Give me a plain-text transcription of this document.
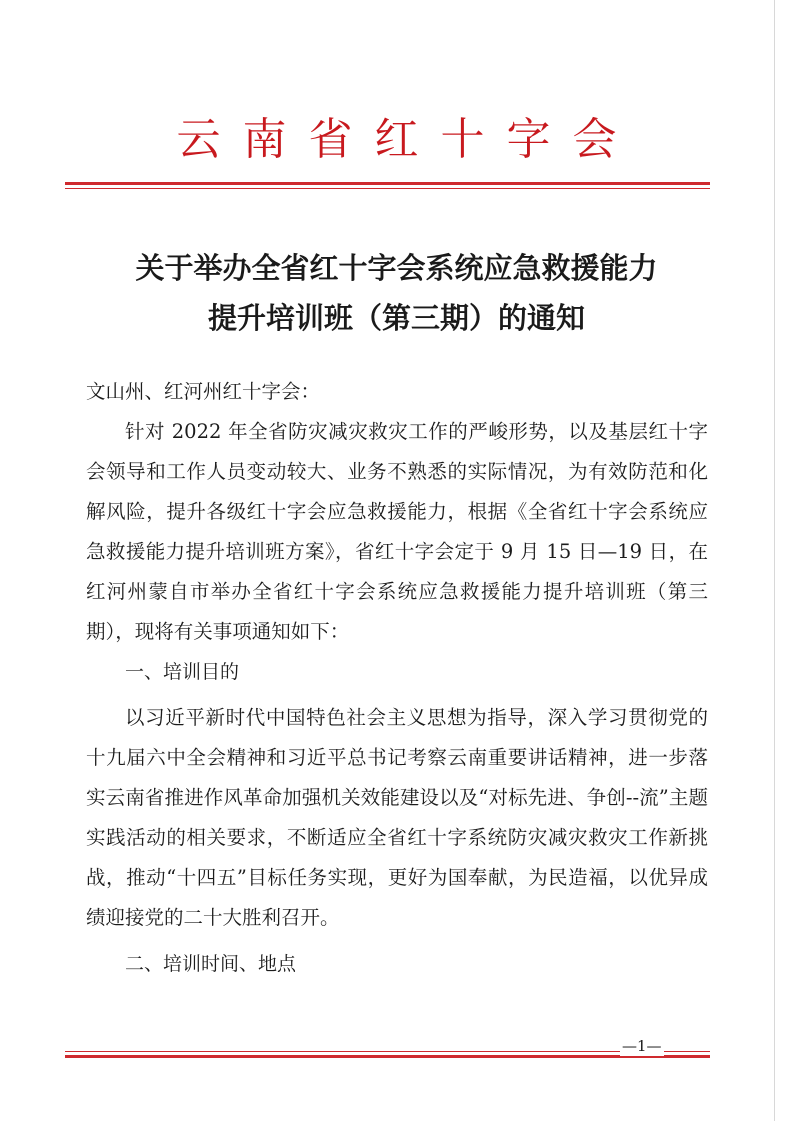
云南省红十字会
关于举办全省红十字会系统应急救援能力
提升培训班（第三期）的通知

文山州、红河州红十字会：

针对 2022 年全省防灾减灾救灾工作的严峻形势，以及基层红十字会领导和工作人员变动较大、业务不熟悉的实际情况，为有效防范和化解风险，提升各级红十字会应急救援能力，根据《全省红十字会系统应急救援能力提升培训班方案》，省红十字会定于 9 月 15 日—19 日，在红河州蒙自市举办全省红十字会系统应急救援能力提升培训班（第三期），现将有关事项通知如下：

一、培训目的

以习近平新时代中国特色社会主义思想为指导，深入学习贯彻党的十九届六中全会精神和习近平总书记考察云南重要讲话精神，进一步落实云南省推进作风革命加强机关效能建设以及“对标先进、争创--流”主题实践活动的相关要求，不断适应全省红十字系统防灾减灾救灾工作新挑战，推动“十四五”目标任务实现，更好为国奉献，为民造福，以优异成绩迎接党的二十大胜利召开。

二、培训时间、地点

—1—
